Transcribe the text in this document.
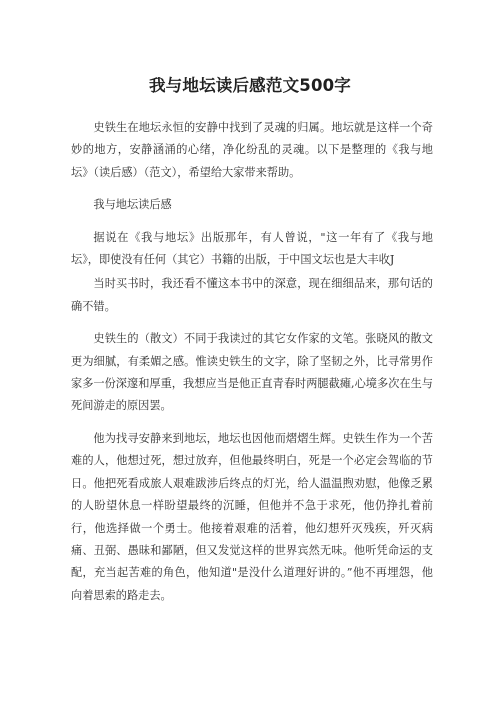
我与地坛读后感范文500字

史铁生在地坛永恒的安静中找到了灵魂的归属。地坛就是这样一个奇妙的地方，安静涵涌的心绪，净化纷乱的灵魂。以下是整理的《我与地坛》（读后感）（范文），希望给大家带来帮助。

我与地坛读后感

据说在《我与地坛》出版那年，有人曾说，"这一年有了《我与地坛》，即使没有任何（其它）书籍的出版，于中国文坛也是大丰收J

当时买书时，我还看不懂这本书中的深意，现在细细品来，那句话的确不错。

史铁生的（散文）不同于我读过的其它女作家的文笔。张晓风的散文更为细腻，有柔媚之感。惟读史铁生的文字，除了坚韧之外，比寻常男作家多一份深邃和厚重，我想应当是他正直青春时两腿截瘫,心境多次在生与死间游走的原因罢。

他为找寻安静来到地坛，地坛也因他而熠熠生辉。史铁生作为一个苦难的人，他想过死，想过放弃，但他最终明白，死是一个必定会驾临的节日。他把死看成旅人艰难跋涉后终点的灯光，给人温温煦劝慰，他像乏累的人盼望休息一样盼望最终的沉睡，但他并不急于求死，他仍挣扎着前行，他选择做一个勇士。他接着艰难的活着，他幻想歼灭残疾，歼灭病痛、丑弼、愚昧和鄙陋，但又发觉这样的世界宾然无味。他听凭命运的支配，充当起苦难的角色，他知道"是没什么道理好讲的。”他不再埋怨，他向着思索的路走去。
